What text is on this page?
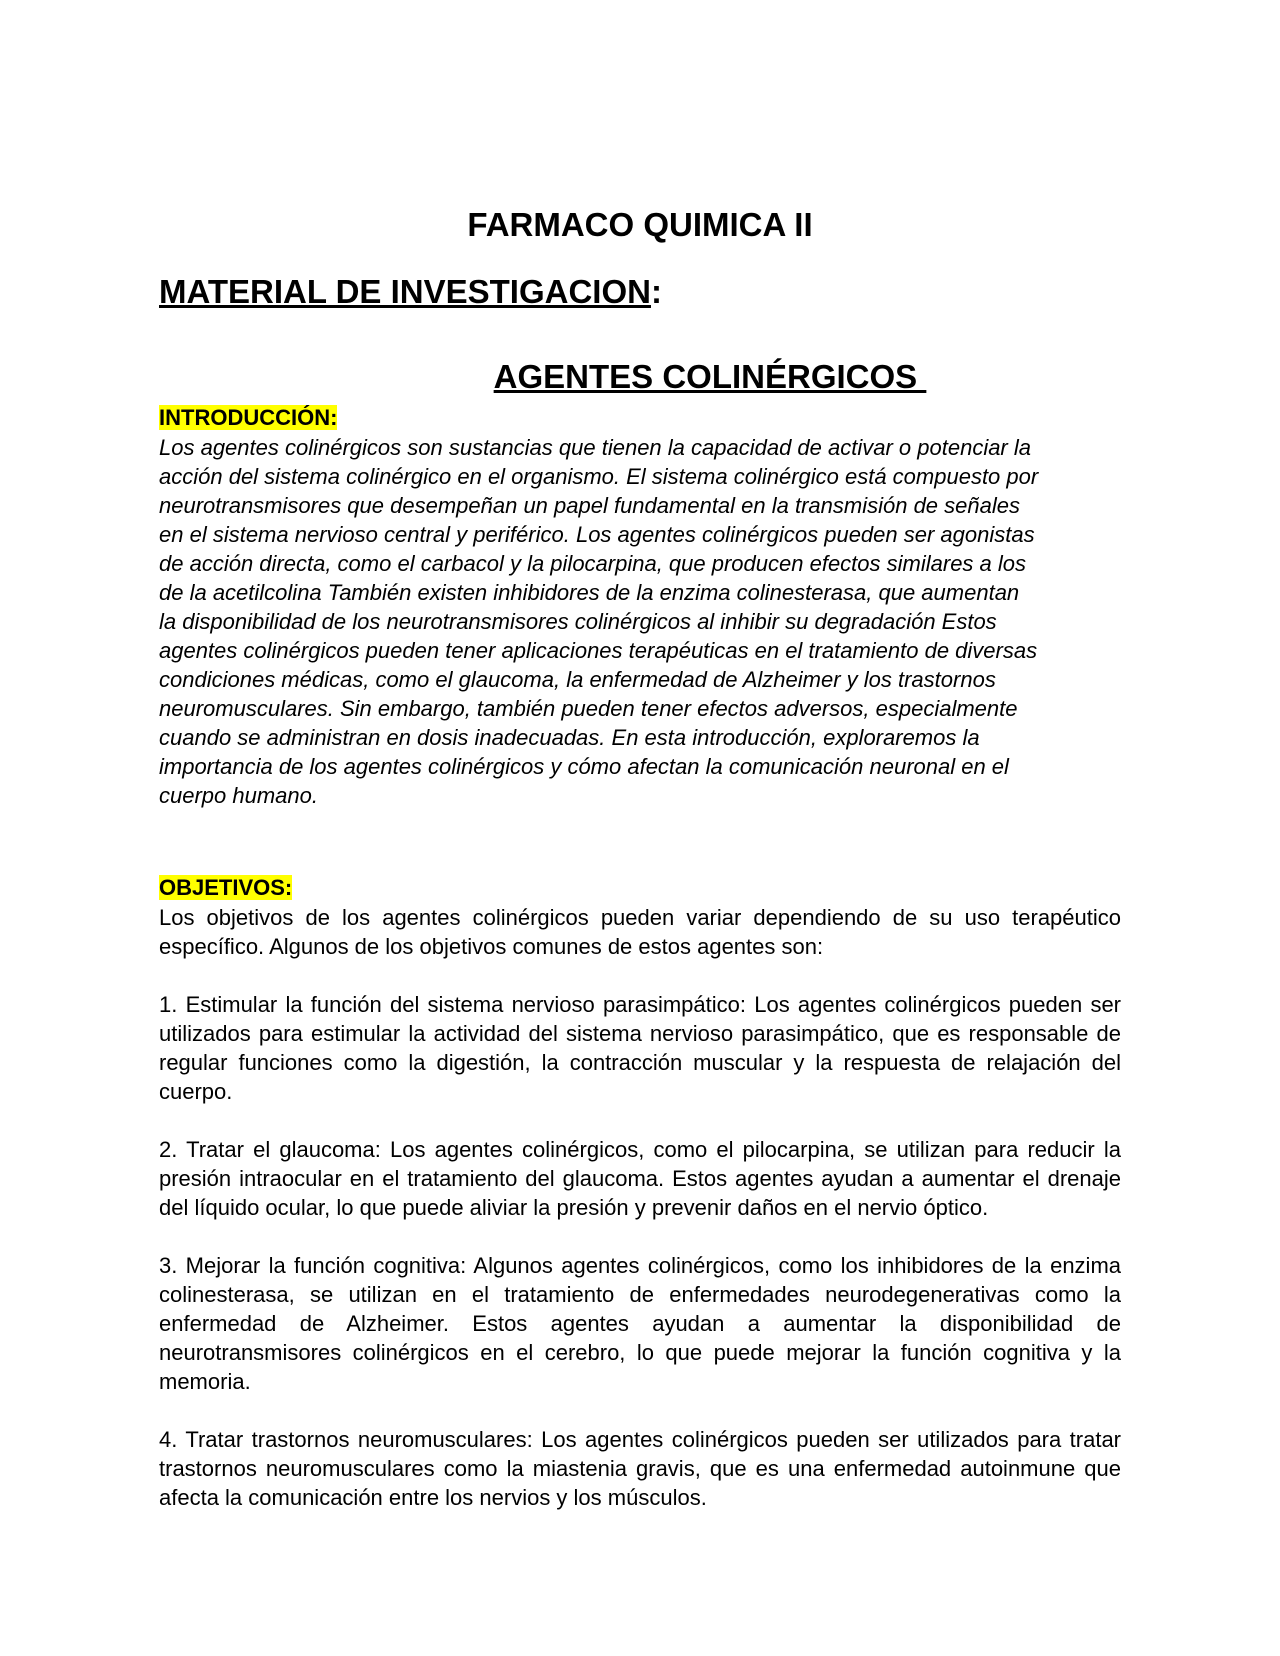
FARMACO QUIMICA II
MATERIAL DE INVESTIGACION:
AGENTES COLINÉRGICOS
INTRODUCCIÓN:

Los agentes colinérgicos son sustancias que tienen la capacidad de activar o potenciar la acción del sistema colinérgico en el organismo. El sistema colinérgico está compuesto por neurotransmisores que desempeñan un papel fundamental en la transmisión de señales en el sistema nervioso central y periférico. Los agentes colinérgicos pueden ser agonistas de acción directa, como el carbacol y la pilocarpina, que producen efectos similares a los de la acetilcolina También existen inhibidores de la enzima colinesterasa, que aumentan la disponibilidad de los neurotransmisores colinérgicos al inhibir su degradación Estos agentes colinérgicos pueden tener aplicaciones terapéuticas en el tratamiento de diversas condiciones médicas, como el glaucoma, la enfermedad de Alzheimer y los trastornos neuromusculares. Sin embargo, también pueden tener efectos adversos, especialmente cuando se administran en dosis inadecuadas. En esta introducción, exploraremos la importancia de los agentes colinérgicos y cómo afectan la comunicación neuronal en el cuerpo humano.

OBJETIVOS:

Los objetivos de los agentes colinérgicos pueden variar dependiendo de su uso terapéutico específico. Algunos de los objetivos comunes de estos agentes son:

1. Estimular la función del sistema nervioso parasimpático: Los agentes colinérgicos pueden ser utilizados para estimular la actividad del sistema nervioso parasimpático, que es responsable de regular funciones como la digestión, la contracción muscular y la respuesta de relajación del cuerpo.

2. Tratar el glaucoma: Los agentes colinérgicos, como el pilocarpina, se utilizan para reducir la presión intraocular en el tratamiento del glaucoma. Estos agentes ayudan a aumentar el drenaje del líquido ocular, lo que puede aliviar la presión y prevenir daños en el nervio óptico.

3. Mejorar la función cognitiva: Algunos agentes colinérgicos, como los inhibidores de la enzima colinesterasa, se utilizan en el tratamiento de enfermedades neurodegenerativas como la enfermedad de Alzheimer. Estos agentes ayudan a aumentar la disponibilidad de neurotransmisores colinérgicos en el cerebro, lo que puede mejorar la función cognitiva y la memoria.

4. Tratar trastornos neuromusculares: Los agentes colinérgicos pueden ser utilizados para tratar trastornos neuromusculares como la miastenia gravis, que es una enfermedad autoinmune que afecta la comunicación entre los nervios y los músculos.
